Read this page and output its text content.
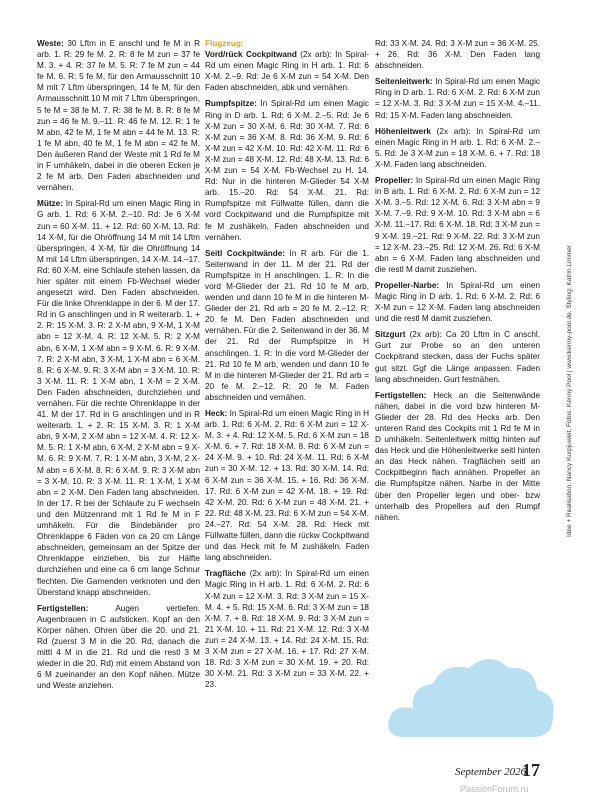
Weste: 30 Lftm in E anschl und fe M in R arb. 1. R: 29 fe M. 2. R: 8 fe M zun = 37 fe M. 3. + 4. R: 37 fe M. 5. R: 7 fe M zun = 44 fe M. 6. R: 5 fe M, für den Armausschnitt 10 M mit 7 Lftm überspringen, 14 fe M, für den Armausschnitt 10 M mit 7 Lftm überspringen, 5 fe M = 38 fe M. 7. R: 38 fe M. 8. R: 8 fe M zun = 46 fe M. 9.–11. R: 46 fe M. 12. R: 1 fe M abn, 42 fe M, 1 fe M abn = 44 fe M. 13. R: 1 fe M abn, 40 fe M, 1 fe M abn = 42 fe M. Den äußeren Rand der Weste mit 1 Rd fe M in F umhäkeln, dabei in die oberen Ecken je 2 fe M arb. Den Faden abschneiden und vernähen.

Mütze: In Spiral-Rd um einen Magic Ring in G arb. 1. Rd: 6 X-M. 2.–10. Rd: Je 6 X-M zun = 60 X-M. 11. + 12. Rd: 60 X-M. 13. Rd: 14 X-M, für die Ohröffnung 14 M mit 14 Lftm überspringen, 4 X-M, für die Ohröffnung 14 M mit 14 Lftm überspringen, 14 X-M. 14.–17. Rd: 60 X-M, eine Schlaufe stehen lassen, da hier später mit einem Fb-Wechsel wieder angesetzt wird. Den Faden abschneiden. Für die linke Ohrenklappe in der 6. M der 17. Rd in G anschlingen und in R weiterarb. 1. + 2. R: 15 X-M. 3. R: 2 X-M abn, 9 X-M, 1 X-M abn = 12 X-M. 4. R: 12 X-M. 5. R: 2 X-M abn, 6 X-M, 1 X-M abn = 9 X-M. 6. R: 9 X-M. 7. R: 2 X-M abn, 3 X-M, 1 X-M abn = 6 X-M. 8. R: 6 X-M. 9. R: 3 X-M abn = 3 X-M. 10. R: 3 X-M. 11. R: 1 X-M abn, 1 X-M = 2 X-M. Den Faden abschneiden, durchziehen und vernähen. Für die rechte Ohrenklappe in der 41. M der 17. Rd in G anschlingen und in R weiterarb. 1. + 2. R: 15 X-M. 3. R: 1 X-M abn, 9 X-M, 2 X-M abn = 12 X-M. 4. R: 12 X-M. 5. R: 1 X-M abn, 6 X-M, 2 X-M abn = 9 X-M. 6. R: 9 X-M. 7. R: 1 X-M abn, 3 X-M, 2 X-M abn = 6 X-M. 8. R: 6 X-M. 9. R: 3 X-M abn = 3 X-M. 10. R: 3 X-M. 11. R: 1 X-M, 1 X-M abn = 2 X-M. Den Faden lang abschneiden. In der 17. R bei der Schlaufe zu F wechseln und den Mützenrand mit 1 Rd fe M in F umhäkeln. Für die Bindebänder pro Ohrenklappe 6 Fäden von ca 20 cm Länge abschneiden, gemeinsam an der Spitze der Ohrenklappe einziehen, bis zur Hälfte durchziehen und eine ca 6 cm lange Schnur flechten. Die Garnenden verknoten und den Überstand knapp abschneiden.

Fertigstellen:	Augen vertiefen. Augenbrauen in C aufsticken. Kopf an den Körper nähen. Ohren über die 20. und 21. Rd (zuerst 3 M in die 20. Rd, danach die mittl 4 M in die 21. Rd und die restl 3 M wieder in die 20. Rd) mit einem Abstand von 6 M zueinander an den Kopf nähen. Mütze und Weste anziehen.

Flugzeug:

Vord/rück Cockpitwand (2x arb): In Spiral-Rd um einen Magic Ring in H arb. 1. Rd: 6 X-M. 2.–9. Rd: Je 6 X-M zun = 54 X-M. Den Faden abschneiden, abk und vernähen.

Rumpfspitze: In Spiral-Rd um einen Magic Ring in D arb. 1. Rd: 6 X-M. 2.–5. Rd: Je 6 X-M zun = 30 X-M. 6. Rd: 30 X-M. 7. Rd: 6 X-M zun = 36 X-M. 8. Rd: 36 X-M. 9. Rd: 6 X-M zun = 42 X-M. 10. Rd: 42 X-M. 11. Rd: 6 X-M zun = 48 X-M. 12. Rd: 48 X-M. 13. Rd: 6 X-M zun = 54 X-M. Fb-Wechsel zu H. 14. Rd: Nur in die hinteren M-Glieder 54 X-M arb. 15.–20. Rd: 54 X-M. 21. Rd: Rumpfspitze mit Füllwatte füllen, dann die vord Cockpitwand und die Rumpfspitze mit fe M zushäkeln. Faden abschneiden und vernähen.

Seitl Cockpitwände: In R arb. Für die 1. Seitenwand in der 11. M der 21. Rd der Rumpfspitze in H anschlingen. 1. R: In die vord M-Glieder der 21. Rd 10 fe M arb, wenden und dann 10 fe M in die hinteren M-Glieder der 21. Rd arb = 20 fe M. 2.–12. R: 20 fe M. Den Faden abschneiden und vernähen. Für die 2. Seitenwand in der 36. M der 21. Rd der Rumpfspitze in H anschlingen. 1. R: In die vord M-Glieder der 21. Rd 10 fe M arb, wenden und dann 10 fe M in die hinteren M-Glieder der 21. Rd arb = 20 fe M. 2.–12. R: 20 fe M. Faden abschneiden und vernähen.

Heck: In Spiral-Rd um einen Magic Ring in H arb. 1. Rd: 6 X-M. 2. Rd: 6 X-M zun = 12 X-M. 3. + 4. Rd: 12 X-M. 5. Rd: 6 X-M zun = 18 X-M. 6. + 7. Rd: 18 X-M. 8. Rd: 6 X-M zun = 24 X-M. 9. + 10. Rd: 24 X-M. 11. Rd: 6 X-M zun = 30 X-M. 12. + 13. Rd: 30 X-M. 14. Rd: 6 X-M zun = 36 X-M. 15. + 16. Rd: 36 X-M. 17. Rd: 6 X-M zun = 42 X-M. 18. + 19. Rd: 42 X-M. 20. Rd: 6 X-M zun = 48 X-M. 21. + 22. Rd: 48 X-M. 23. Rd: 6 X-M zun = 54 X-M. 24.–27. Rd: 54 X-M. 28. Rd: Heck mit Füllwatte füllen, dann die rückw Cockpitwand und das Heck mit fe M zushäkeln. Faden lang abschneiden.

Tragfläche (2x arb): In Spiral-Rd um einen Magic Ring in H arb. 1. Rd: 6 X-M. 2. Rd: 6 X-M zun = 12 X-M. 3. Rd: 3 X-M zun = 15 X-M. 4. + 5. Rd: 15 X-M. 6. Rd: 3 X-M zun = 18 X-M. 7. + 8. Rd: 18 X-M. 9. Rd: 3 X-M zun = 21 X-M. 10. + 11. Rd: 21 X-M. 12. Rd: 3 X-M zun = 24 X-M. 13. + 14. Rd: 24 X-M. 15. Rd: 3 X-M zun = 27 X-M. 16. + 17. Rd: 27 X-M. 18. Rd: 3 X-M zun = 30 X-M. 19. + 20. Rd: 30 X-M. 21. Rd: 3 X-M zun = 33 X-M. 22. + 23.

Rd: 33 X-M. 24. Rd: 3 X-M zun = 36 X-M. 25. + 26. Rd: 36 X-M. Den Faden lang abschneiden.

Seitenleitwerk: In Spiral-Rd um einen Magic Ring in D arb. 1. Rd: 6 X-M. 2. Rd: 6 X-M zun = 12 X-M. 3. Rd: 3 X-M zun = 15 X-M. 4.–11. Rd: 15 X-M. Faden lang abschneiden.

Höhenleitwerk (2x arb): In Spiral-Rd um einen Magic Ring in H arb. 1. Rd: 6 X-M. 2.–5. Rd: Je 3 X-M zun = 18 X-M. 6. + 7. Rd: 18 X-M. Faden lang abschneiden.

Propeller: In Spiral-Rd um einen Magic Ring in B arb. 1. Rd: 6 X-M. 2. Rd: 6 X-M zun = 12 X-M. 3.–5. Rd: 12 X-M. 6. Rd: 3 X-M abn = 9 X-M. 7.–9. Rd: 9 X-M. 10. Rd: 3 X-M abn = 6 X-M. 11.–17. Rd: 6 X-M. 18. Rd: 3 X-M zun = 9 X-M. 19.–21. Rd: 9 X-M. 22. Rd: 3 X-M zun = 12 X-M. 23.–25. Rd: 12 X-M. 26. Rd: 6 X-M abn = 6 X-M. Faden lang abschneiden und die restl M damit zusziehen.

Propeller-Narbe: In Spiral-Rd um einen Magic Ring in D arb. 1. Rd: 6 X-M. 2. Rd: 6 X-M zun = 12 X-M. Faden lang abschneiden und die restl M damit zusziehen.

Sitzgurt (2x arb): Ca 20 Lftm in C anschl, Gurt zur Probe so an den unteren Cockpitrand stecken, dass der Fuchs später gut sitzt. Ggf die Länge anpassen. Faden lang abschneiden. Gurt festnähen.

Fertigstellen: Heck an die Seitenwände nähen, dabei in die vord bzw hinteren M-Glieder der 28. Rd des Hecks arb. Den unteren Rand des Cockpits mit 1 Rd fe M in D umhäkeln. Seitenleitwerk mittig hinten auf das Heck und die Höhenleitwerke seitl hinten an das Heck nähen. Tragflächen seitl an Cockpitbeginn flach annähen. Propeller an die Rumpfspitze nähen. Narbe in der Mitte über den Propeller legen und ober- bzw unterhalb des Propellers auf den Rumpf nähen.	Idee + Realisation: Nancy Kurpjuweit, Fotos: Kenny Pool | www.kenny-pool.de, Styling: Katrin Limmer
September 2026
17
PassionForum.ru
